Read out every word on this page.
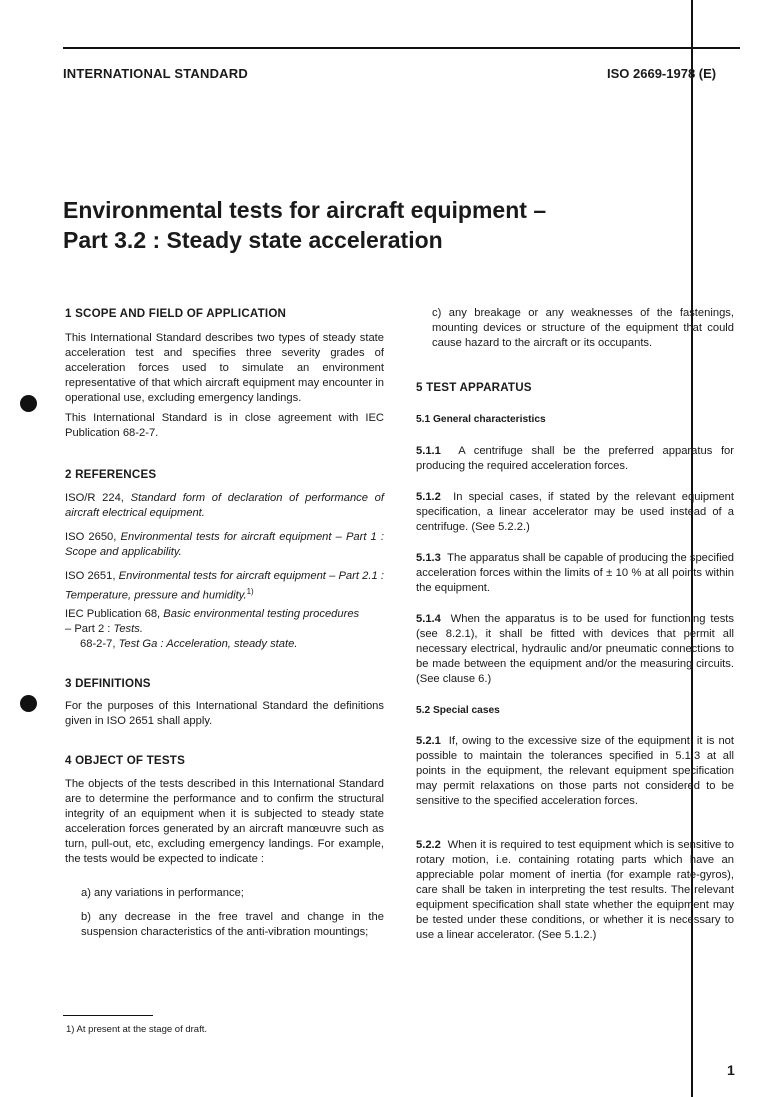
INTERNATIONAL STANDARD	ISO 2669-1978 (E)
Environmental tests for aircraft equipment –
Part 3.2 : Steady state acceleration
1 SCOPE AND FIELD OF APPLICATION
This International Standard describes two types of steady state acceleration test and specifies three severity grades of acceleration forces used to simulate an environment representative of that which aircraft equipment may encounter in operational use, excluding emergency landings.
This International Standard is in close agreement with IEC Publication 68-2-7.
2 REFERENCES
ISO/R 224, Standard form of declaration of performance of aircraft electrical equipment.
ISO 2650, Environmental tests for aircraft equipment – Part 1 : Scope and applicability.
ISO 2651, Environmental tests for aircraft equipment – Part 2.1 : Temperature, pressure and humidity.$^{1)}$
IEC Publication 68, Basic environmental testing procedures
– Part 2 : Tests.
68-2-7, Test Ga : Acceleration, steady state.
3 DEFINITIONS
For the purposes of this International Standard the definitions given in ISO 2651 shall apply.
4 OBJECT OF TESTS
The objects of the tests described in this International Standard are to determine the performance and to confirm the structural integrity of an equipment when it is subjected to steady state acceleration forces generated by an aircraft manœuvre such as turn, pull-out, etc, excluding emergency landings. For example, the tests would be expected to indicate :
a) any variations in performance;
b) any decrease in the free travel and change in the suspension characteristics of the anti-vibration mountings;
c) any breakage or any weaknesses of the fastenings, mounting devices or structure of the equipment that could cause hazard to the aircraft or its occupants.
5 TEST APPARATUS
5.1 General characteristics
5.1.1 A centrifuge shall be the preferred apparatus for producing the required acceleration forces.
5.1.2 In special cases, if stated by the relevant equipment specification, a linear accelerator may be used instead of a centrifuge. (See 5.2.2.)
5.1.3 The apparatus shall be capable of producing the specified acceleration forces within the limits of ± 10 % at all points within the equipment.
5.1.4 When the apparatus is to be used for functioning tests (see 8.2.1), it shall be fitted with devices that permit all necessary electrical, hydraulic and/or pneumatic connections to be made between the equipment and/or the measuring circuits. (See clause 6.)
5.2 Special cases
5.2.1 If, owing to the excessive size of the equipment, it is not possible to maintain the tolerances specified in 5.1.3 at all points in the equipment, the relevant equipment specification may permit relaxations on those parts not considered to be sensitive to the specified acceleration forces.
5.2.2 When it is required to test equipment which is sensitive to rotary motion, i.e. containing rotating parts which have an appreciable polar moment of inertia (for example rate-gyros), care shall be taken in interpreting the test results. The relevant equipment specification shall state whether the equipment may be tested under these conditions, or whether it is necessary to use a linear accelerator. (See 5.1.2.)
1) At present at the stage of draft.
1
